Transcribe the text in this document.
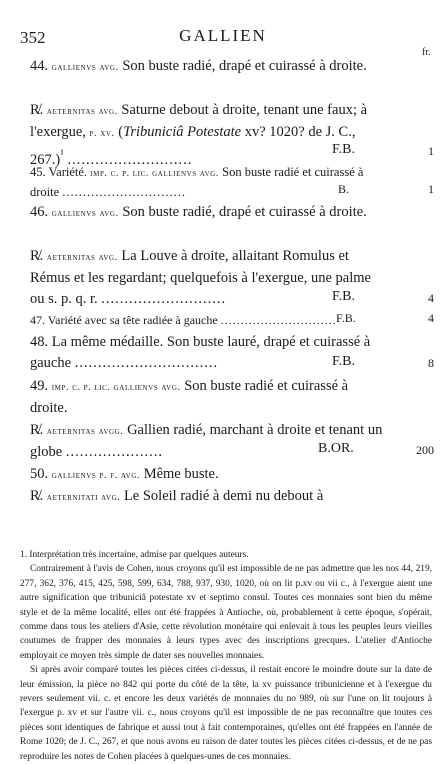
352	GALLIEN
fr.
44. gallienvs avg. Son buste radié, drapé et cuirassé à droite.
R̸. aeternitas avg. Saturne debout à droite, tenant une faux; à l'exergue, p. xv. (Tribuniciâ Potestate xv? 1020? de J. C., 267.)$^{^1}$ ...........................
F.B.	1
45. Variété. imp. c. p. lic. gallienvs avg. Son buste radié et cuirassé à droite ..............................	B.	1
46. gallienvs avg. Son buste radié, drapé et cuirassé à droite.
R̸. aeternitas avg. La Louve à droite, allaitant Romulus et Rémus et les regardant; quelquefois à l'exergue, une palme ou s. p. q. r. ...........................	F.B.	4
47. Variété avec sa tête radiée à gauche ............................. F.B.	4
48. La même médaille. Son buste lauré, drapé et cuirassé à gauche ...............................	F.B.	8
49. imp. c. p. lic. gallienvs avg. Son buste radié et cuirassé à droite.
R̸. aeternitas avgg. Gallien radié, marchant à droite et tenant un globe .....................	B.OR.	200
50. gallienvs p. f. avg. Même buste.
R̸. aeternitati avg. Le Soleil radié à demi nu debout à

1. Interprétation très incertaine, admise par quelques auteurs.

Contrairement à l'avis de Cohen, nous croyons qu'il est impossible de ne pas admettre que les nos 44, 219, 277, 362, 376, 415, 425, 598, 599, 634, 788, 937, 930, 1020, où on lit p.xv ou vii c., à l'exergue aient une autre signification que tribuniciâ potestate xv et septimo consul. Toutes ces monnaies sont bien du même style et de la même localité, elles ont été frappées à Antioche, où, probablement à cette époque, s'opérait, comme dans tous les ateliers d'Asie, cette révolution monétaire qui enlevait à tous les peuples leurs vieilles coutumes de frapper des monnaies à leurs types avec des inscriptions grecques. L'atelier d'Antioche employait ce moyen très simple de dater ses nouvelles monnaies.

Si après avoir comparé toutes les pièces citées ci-dessus, il restait encore le moindre doute sur la date de leur émission, la pièce no 842 qui porte du côté de la tête, la xv puissance tribunicienne et à l'exergue du revers seulement vii. c. et encore les deux variétés de monnaies du no 989, où sur l'une on lit toujours à l'exergue p. xv et sur l'autre vii. c., nous croyons qu'il est impossible de ne pas reconnaître que toutes ces pièces sont identiques de fabrique et aussi tout à fait contemporaines, qu'elles ont été frappées en l'année de Rome 1020; de J. C., 267, et que nous avons eu raison de dater toutes les pièces citées ci-dessus, et de ne pas reproduire les notes de Cohen placées à quelques-unes de ces monnaies.
